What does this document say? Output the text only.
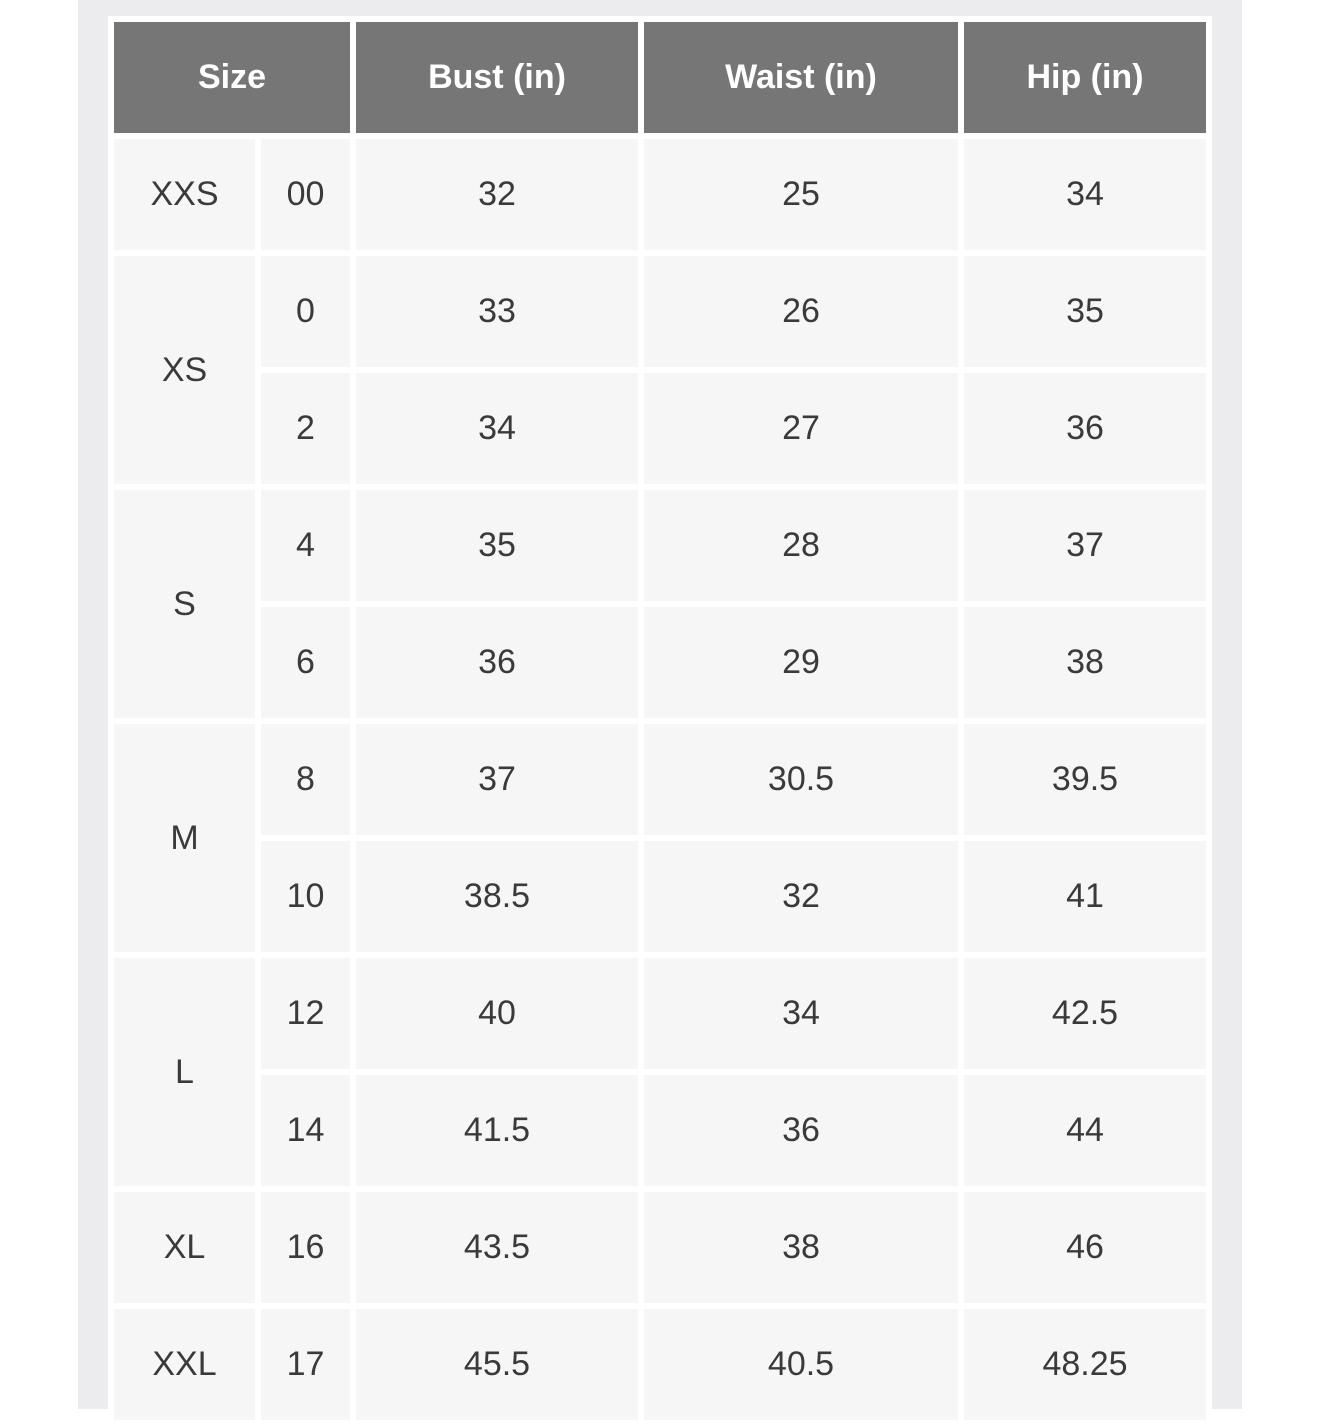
Size		Bust (in)	Waist (in)	Hip (in)
XXS	00	32	25	34
XS	0	33	26	35
	2	34	27	36
S	4	35	28	37
	6	36	29	38
M	8	37	30.5	39.5
	10	38.5	32	41
L	12	40	34	42.5
	14	41.5	36	44
XL	16	43.5	38	46
XXL	17	45.5	40.5	48.25
